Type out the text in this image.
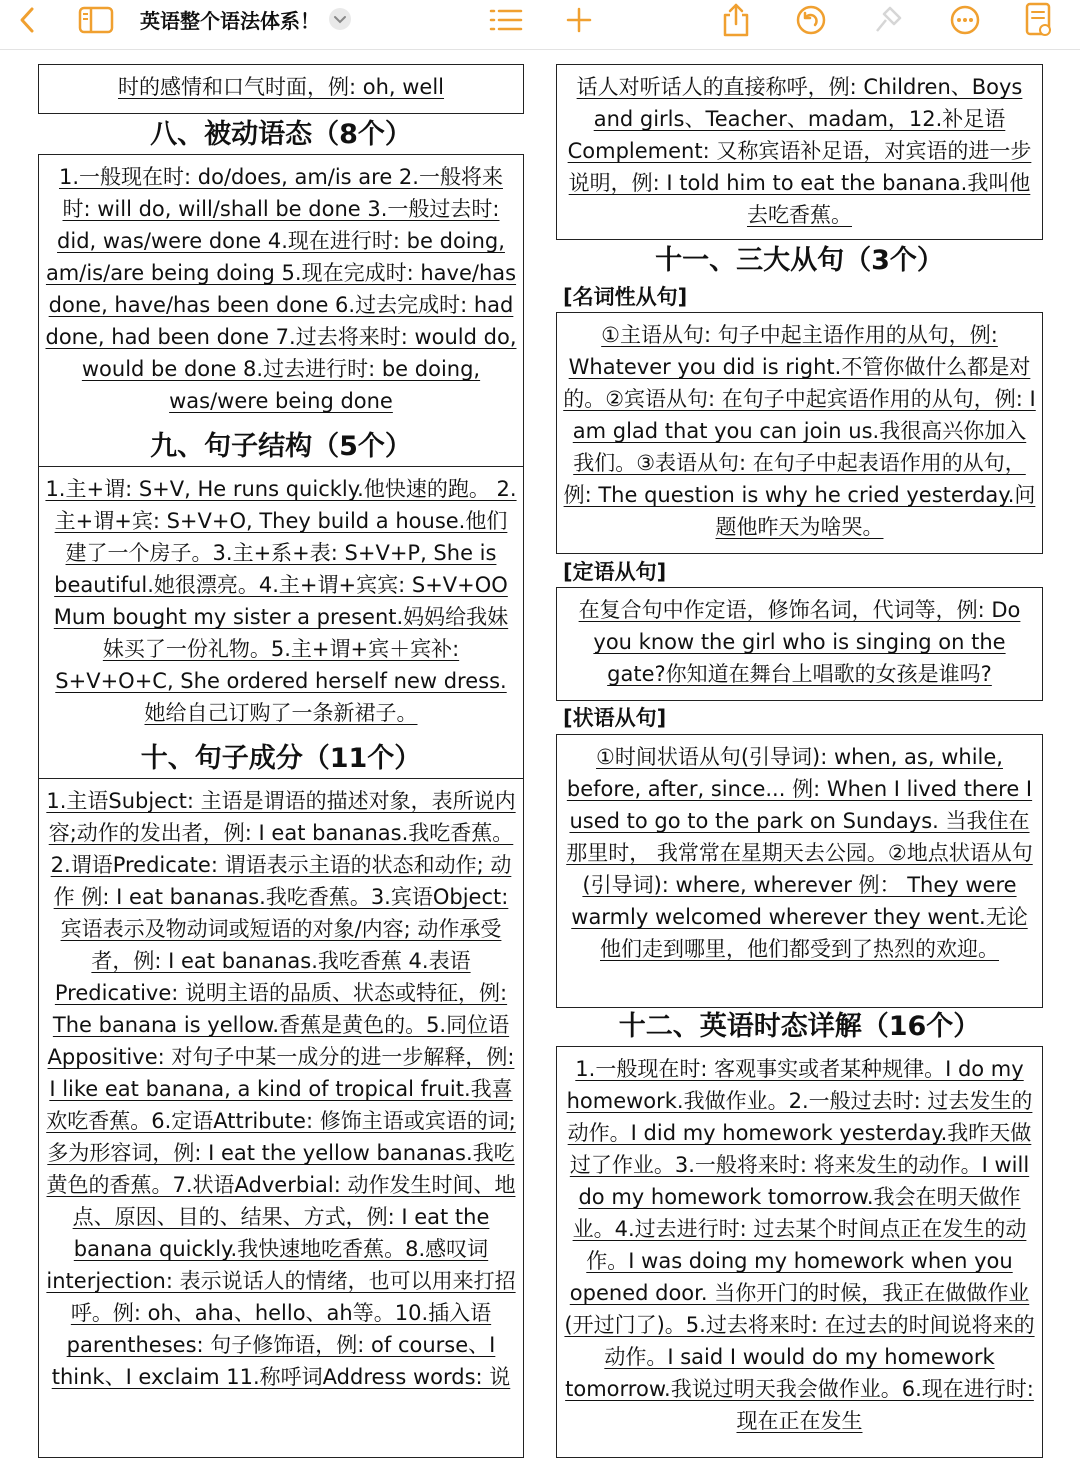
英语整个语法体系！

时的感情和口气时面，例: oh, well

八、被动语态（8个）

1.一般现在时: do/does, am/is are 2.一般将来时: will do, will/shall be done 3.一般过去时: did, was/were done 4.现在进行时: be doing, am/is/are being doing 5.现在完成时: have/has done, have/has been done 6.过去完成时: had done, had been done 7.过去将来时: would do, would be done 8.过去进行时: be doing, was/were being done

九、句子结构（5个）

1.主+谓: S+V, He runs quickly.他快速的跑。 2.主+谓+宾: S+V+O, They build a house.他们建了一个房子。3.主+系+表: S+V+P, She is beautiful.她很漂亮。4.主+谓+宾宾: S+V+OO Mum bought my sister a present.妈妈给我妹妹买了一份礼物。5.主+谓+宾＋宾补: S+V+O+C, She ordered herself new dress.她给自己订购了一条新裙子。

十、句子成分（11个）

1.主语Subject: 主语是谓语的描述对象，表所说内容;动作的发出者，例: I eat bananas.我吃香蕉。2.谓语Predicate: 谓语表示主语的状态和动作; 动作 例: I eat bananas.我吃香蕉。3.宾语Object: 宾语表示及物动词或短语的对象/内容; 动作承受者，例: I eat bananas.我吃香蕉 4.表语Predicative: 说明主语的品质、状态或特征，例: The banana is yellow.香蕉是黄色的。5.同位语Appositive: 对句子中某一成分的进一步解释，例: I like eat banana, a kind of tropical fruit.我喜欢吃香蕉。6.定语Attribute: 修饰主语或宾语的词; 多为形容词，例: I eat the yellow bananas.我吃黄色的香蕉。7.状语Adverbial: 动作发生时间、地点、原因、目的、结果、方式，例: I eat the banana quickly.我快速地吃香蕉。8.感叹词interjection: 表示说话人的情绪，也可以用来打招呼。例: oh、aha、hello、ah等。10.插入语parentheses: 句子修饰语，例: of course、I think、I exclaim 11.称呼词Address words: 说

话人对听话人的直接称呼，例: Children、Boys and girls、Teacher、madam，12.补足语Complement: 又称宾语补足语，对宾语的进一步说明，例: I told him to eat the banana.我叫他去吃香蕉。

十一、三大从句（3个）
[名词性从句]

①主语从句: 句子中起主语作用的从句，例: Whatever you did is right.不管你做什么都是对的。②宾语从句: 在句子中起宾语作用的从句，例: I am glad that you can join us.我很高兴你加入我们。③表语从句: 在句子中起表语作用的从句，例: The question is why he cried yesterday.问题他昨天为啥哭。

[定语从句]

在复合句中作定语，修饰名词，代词等，例: Do you know the girl who is singing on the gate?你知道在舞台上唱歌的女孩是谁吗?

[状语从句]

①时间状语从句(引导词): when, as, while, before, after, since... 例: When I lived there I used to go to the park on Sundays. 当我住在那里时， 我常常在星期天去公园。②地点状语从句(引导词): where, wherever 例： They were warmly welcomed wherever they went.无论他们走到哪里，他们都受到了热烈的欢迎。

十二、英语时态详解（16个）

1.一般现在时: 客观事实或者某种规律。I do my homework.我做作业。2.一般过去时: 过去发生的动作。I did my homework yesterday.我昨天做过了作业。3.一般将来时: 将来发生的动作。I will do my homework tomorrow.我会在明天做作业。4.过去进行时: 过去某个时间点正在发生的动作。I was doing my homework when you opened door. 当你开门的时候，我正在做做作业(开过门了)。5.过去将来时: 在过去的时间说将来的动作。I said I would do my homework tomorrow.我说过明天我会做作业。6.现在进行时: 现在正在发生
